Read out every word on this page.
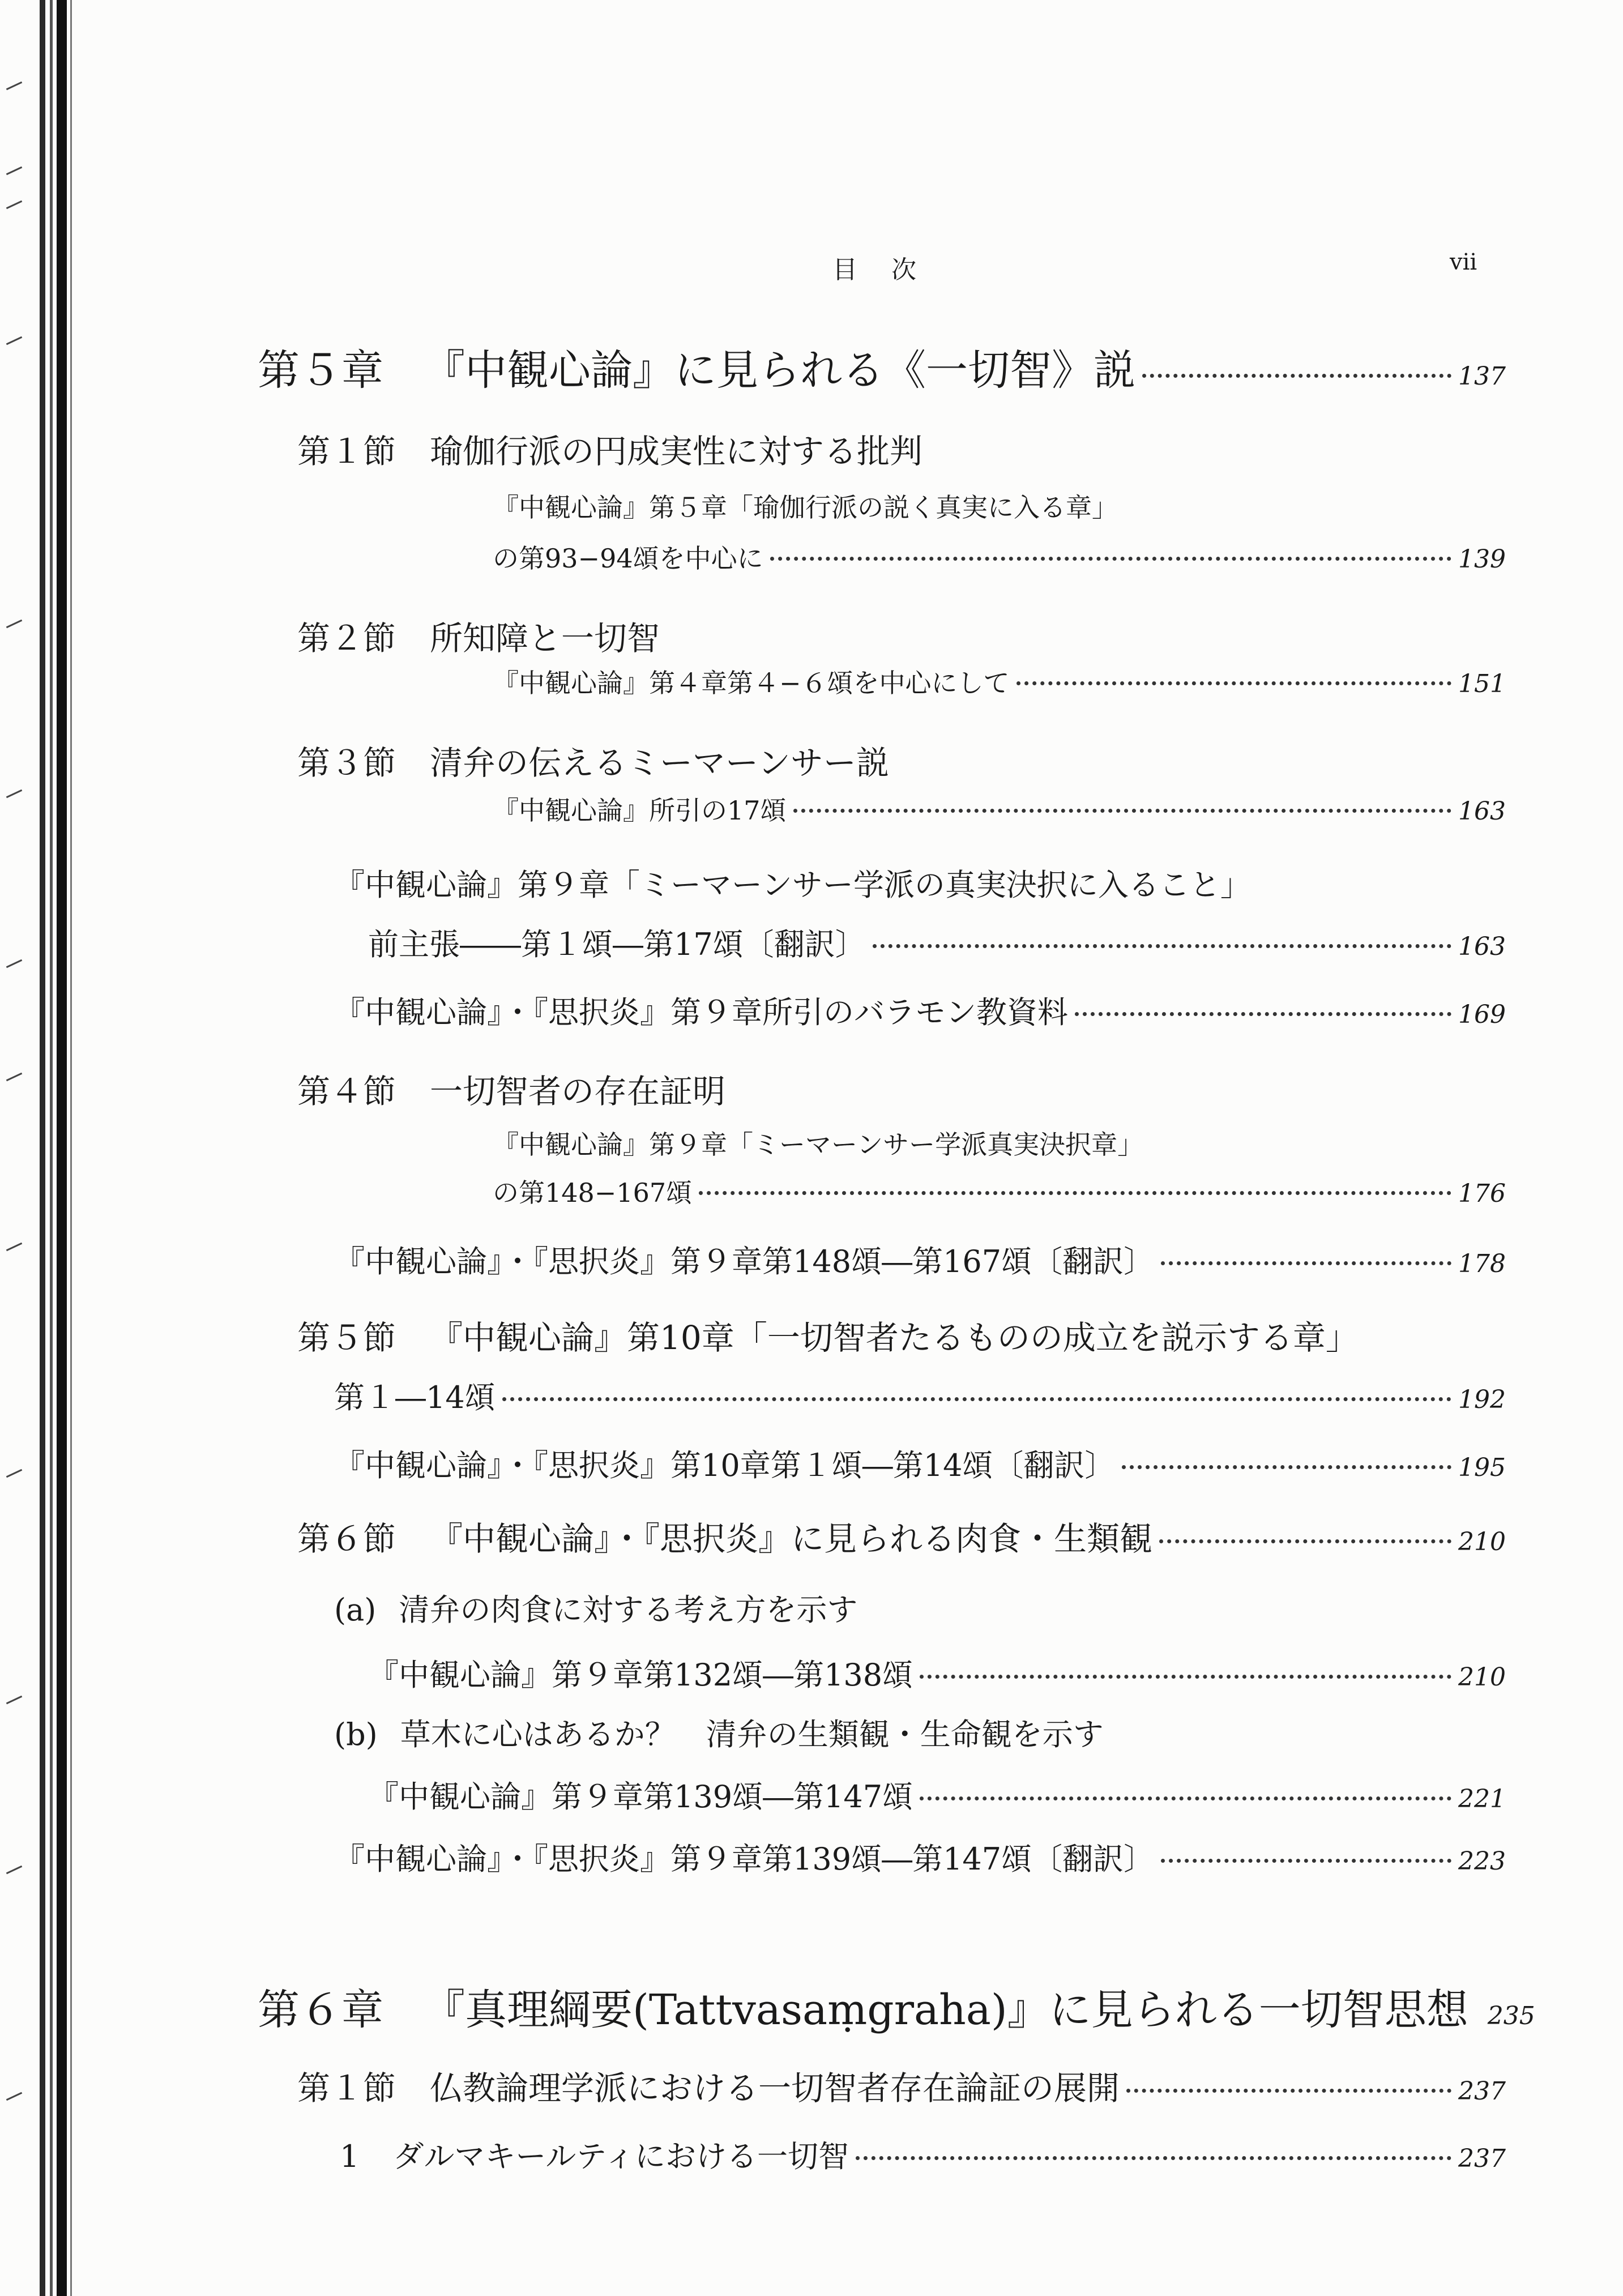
目次	vii
第５章 『中観心論』に見られる《一切智》説	137
第１節 瑜伽行派の円成実性に対する批判
『中観心論』第５章「瑜伽行派の説く真実に入る章」
の第93−94頌を中心に	139
第２節 所知障と一切智
『中観心論』第４章第４−６頌を中心にして	151
第３節 清弁の伝えるミーマーンサー説
『中観心論』所引の17頌	163
『中観心論』第９章「ミーマーンサー学派の真実決択に入ること」
前主張――第１頌―第17頌〔翻訳〕	163
『中観心論』・『思択炎』第９章所引のバラモン教資料	169
第４節 一切智者の存在証明
『中観心論』第９章「ミーマーンサー学派真実決択章」
の第148−167頌	176
『中観心論』・『思択炎』第９章第148頌―第167頌〔翻訳〕	178
第５節 『中観心論』第10章「一切智者たるものの成立を説示する章」
第１―14頌	192
『中観心論』・『思択炎』第10章第１頌―第14頌〔翻訳〕	195
第６節 『中観心論』・『思択炎』に見られる肉食・生類観	210
(a) 清弁の肉食に対する考え方を示す
『中観心論』第９章第132頌―第138頌	210
(b) 草木に心はあるか？　清弁の生類観・生命観を示す
『中観心論』第９章第139頌―第147頌	221
『中観心論』・『思択炎』第９章第139頌―第147頌〔翻訳〕	223
第６章 『真理綱要(Tattvasaṃgraha)』に見られる一切智思想 235
第１節 仏教論理学派における一切智者存在論証の展開	237
1 ダルマキールティにおける一切智	237
